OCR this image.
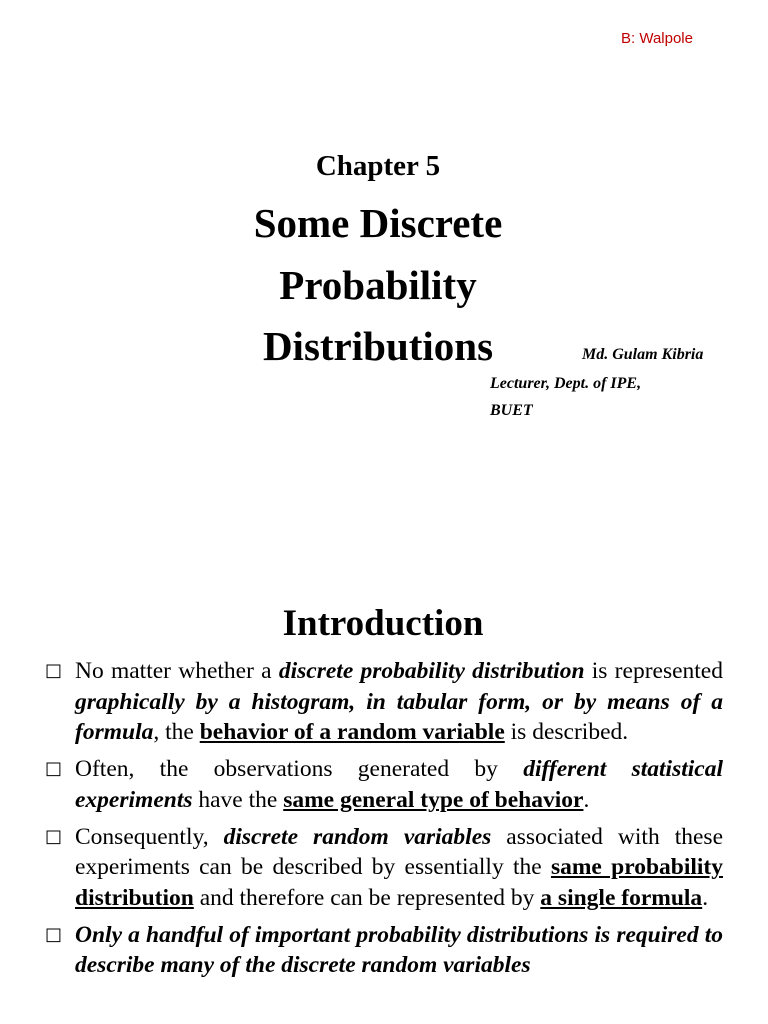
B: Walpole
Chapter 5
Some Discrete
Probability
Distributions	Md. Gulam Kibria
Lecturer, Dept. of IPE,
BUET
Introduction
□ No matter whether a discrete probability distribution is represented graphically by a histogram, in tabular form, or by means of a formula, the behavior of a random variable is described.
□ Often, the observations generated by different statistical experiments have the same general type of behavior.
□ Consequently, discrete random variables associated with these experiments can be described by essentially the same probability distribution and therefore can be represented by a single formula.
□ Only a handful of important probability distributions is required to describe many of the discrete random variables
